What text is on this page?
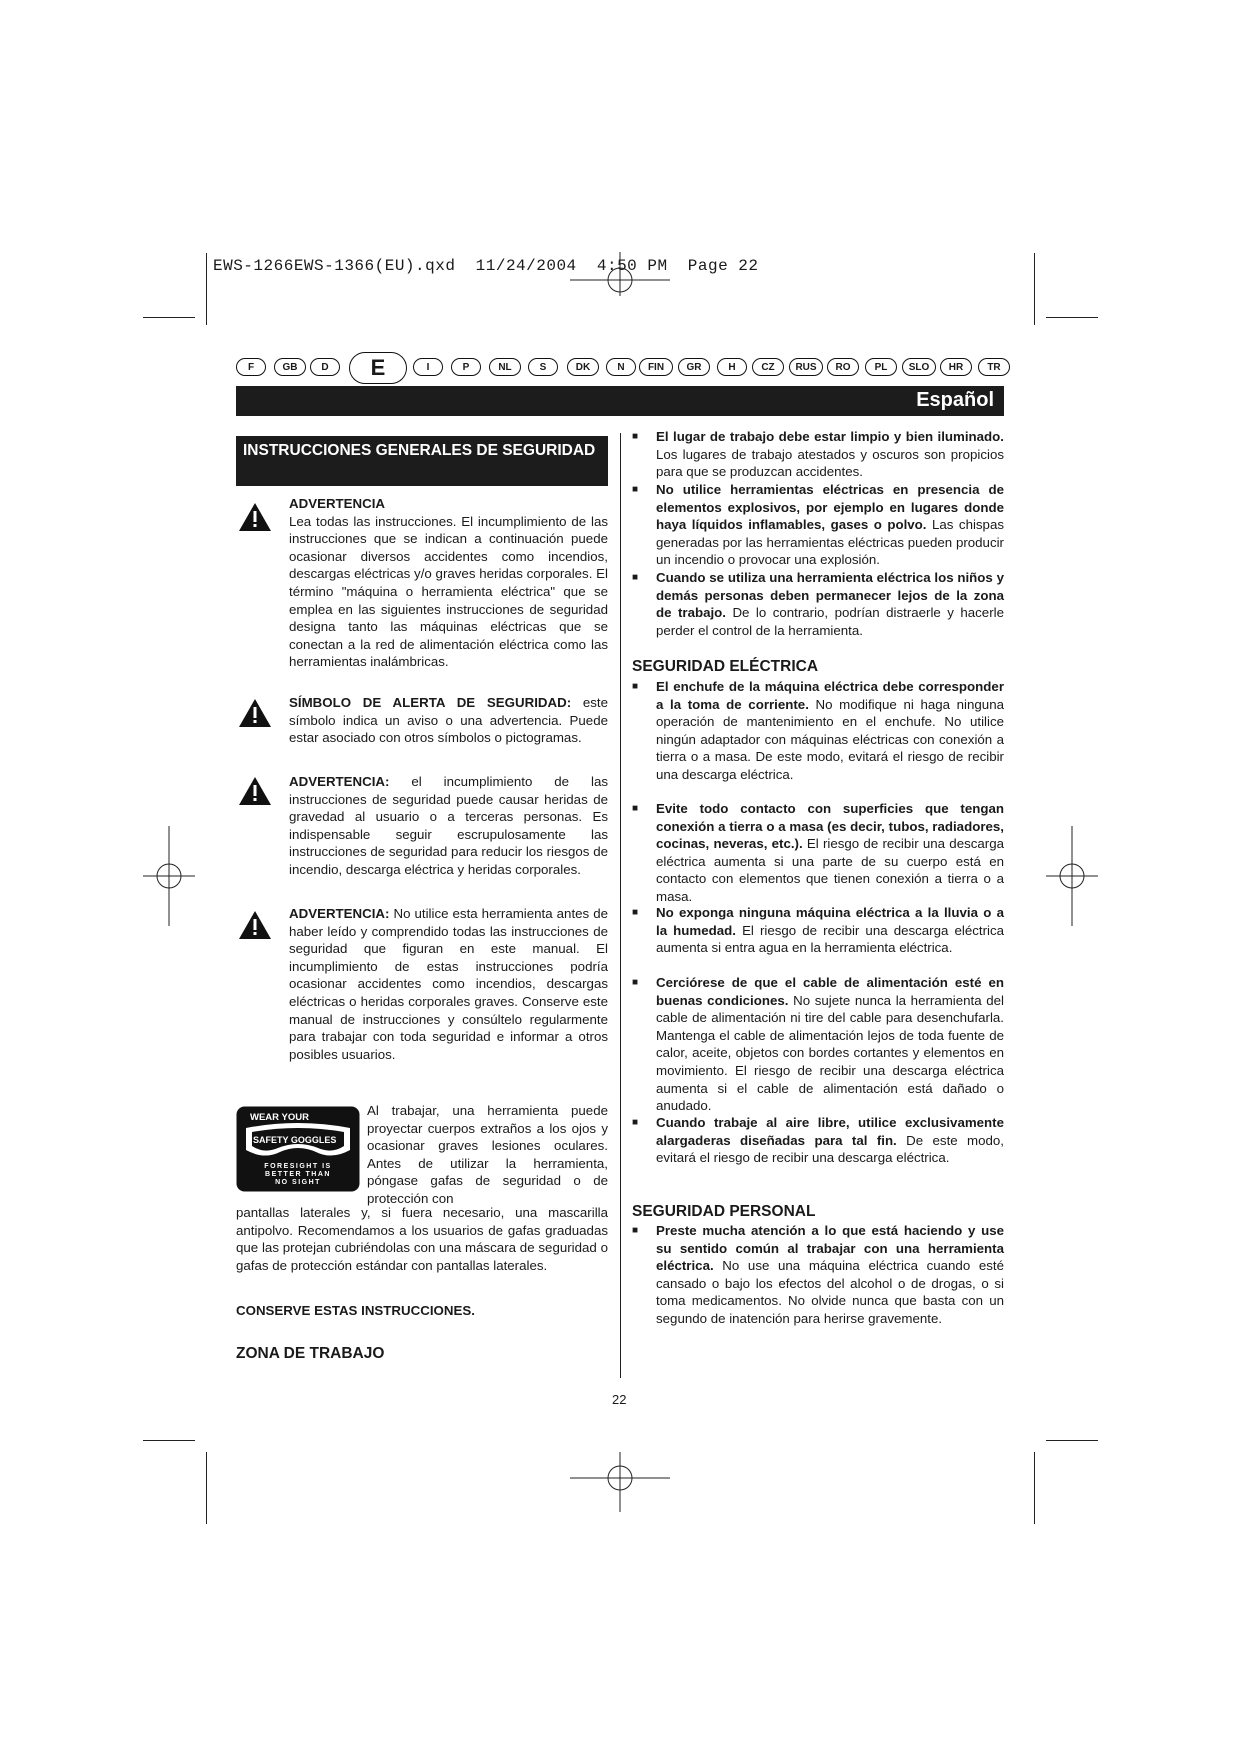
EWS-1266EWS-1366(EU).qxd  11/24/2004  4:50 PM  Page 22
F	GB	D	E	I	P	NL	S	DK	N	FIN	GR	H	CZ	RUS	RO	PL	SLO	HR	TR
Español
INSTRUCCIONES GENERALES DE SEGURIDAD

ADVERTENCIA

Lea todas las instrucciones. El incumplimiento de las instrucciones que se indican a continuación puede ocasionar diversos accidentes como incendios, descargas eléctricas y/o graves heridas corporales. El término "máquina o herramienta eléctrica" que se emplea en las siguientes instrucciones de seguridad designa tanto las máquinas eléctricas que se conectan a la red de alimentación eléctrica como las herramientas inalámbricas.

SÍMBOLO DE ALERTA DE SEGURIDAD: este símbolo indica un aviso o una advertencia. Puede estar asociado con otros símbolos o pictogramas.

ADVERTENCIA: el incumplimiento de las instrucciones de seguridad puede causar heridas de gravedad al usuario o a terceras personas. Es indispensable seguir escrupulosamente las instrucciones de seguridad para reducir los riesgos de incendio, descarga eléctrica y heridas corporales.

ADVERTENCIA: No utilice esta herramienta antes de haber leído y comprendido todas las instrucciones de seguridad que figuran en este manual. El incumplimiento de estas instrucciones podría ocasionar accidentes como incendios, descargas eléctricas o heridas corporales graves. Conserve este manual de instrucciones y consúltelo regularmente para trabajar con toda seguridad e informar a otros posibles usuarios.

WEAR YOUR
SAFETY GOGGLES
FORESIGHT IS
BETTER THAN
NO SIGHT
Al trabajar, una herramienta puede proyectar cuerpos extraños a los ojos y ocasionar graves lesiones oculares. Antes de utilizar la herramienta, póngase gafas de seguridad o de protección con
pantallas laterales y, si fuera necesario, una mascarilla antipolvo. Recomendamos a los usuarios de gafas graduadas que las protejan cubriéndolas con una máscara de seguridad o gafas de protección estándar con pantallas laterales.
CONSERVE ESTAS INSTRUCCIONES.
ZONA DE TRABAJO
■ El lugar de trabajo debe estar limpio y bien iluminado. Los lugares de trabajo atestados y oscuros son propicios para que se produzcan accidentes.
■ No utilice herramientas eléctricas en presencia de elementos explosivos, por ejemplo en lugares donde haya líquidos inflamables, gases o polvo. Las chispas generadas por las herramientas eléctricas pueden producir un incendio o provocar una explosión.
■ Cuando se utiliza una herramienta eléctrica los niños y demás personas deben permanecer lejos de la zona de trabajo. De lo contrario, podrían distraerle y hacerle perder el control de la herramienta.
SEGURIDAD ELÉCTRICA
■ El enchufe de la máquina eléctrica debe corresponder a la toma de corriente. No modifique ni haga ninguna operación de mantenimiento en el enchufe. No utilice ningún adaptador con máquinas eléctricas con conexión a tierra o a masa. De este modo, evitará el riesgo de recibir una descarga eléctrica.
■ Evite todo contacto con superficies que tengan conexión a tierra o a masa (es decir, tubos, radiadores, cocinas, neveras, etc.). El riesgo de recibir una descarga eléctrica aumenta si una parte de su cuerpo está en contacto con elementos que tienen conexión a tierra o a masa.
■ No exponga ninguna máquina eléctrica a la lluvia o a la humedad. El riesgo de recibir una descarga eléctrica aumenta si entra agua en la herramienta eléctrica.
■ Cerciórese de que el cable de alimentación esté en buenas condiciones. No sujete nunca la herramienta del cable de alimentación ni tire del cable para desenchufarla. Mantenga el cable de alimentación lejos de toda fuente de calor, aceite, objetos con bordes cortantes y elementos en movimiento. El riesgo de recibir una descarga eléctrica aumenta si el cable de alimentación está dañado o anudado.
■ Cuando trabaje al aire libre, utilice exclusivamente alargaderas diseñadas para tal fin. De este modo, evitará el riesgo de recibir una descarga eléctrica.
SEGURIDAD PERSONAL
■ Preste mucha atención a lo que está haciendo y use su sentido común al trabajar con una herramienta eléctrica. No use una máquina eléctrica cuando esté cansado o bajo los efectos del alcohol o de drogas, o si toma medicamentos. No olvide nunca que basta con un segundo de inatención para herirse gravemente.
22
